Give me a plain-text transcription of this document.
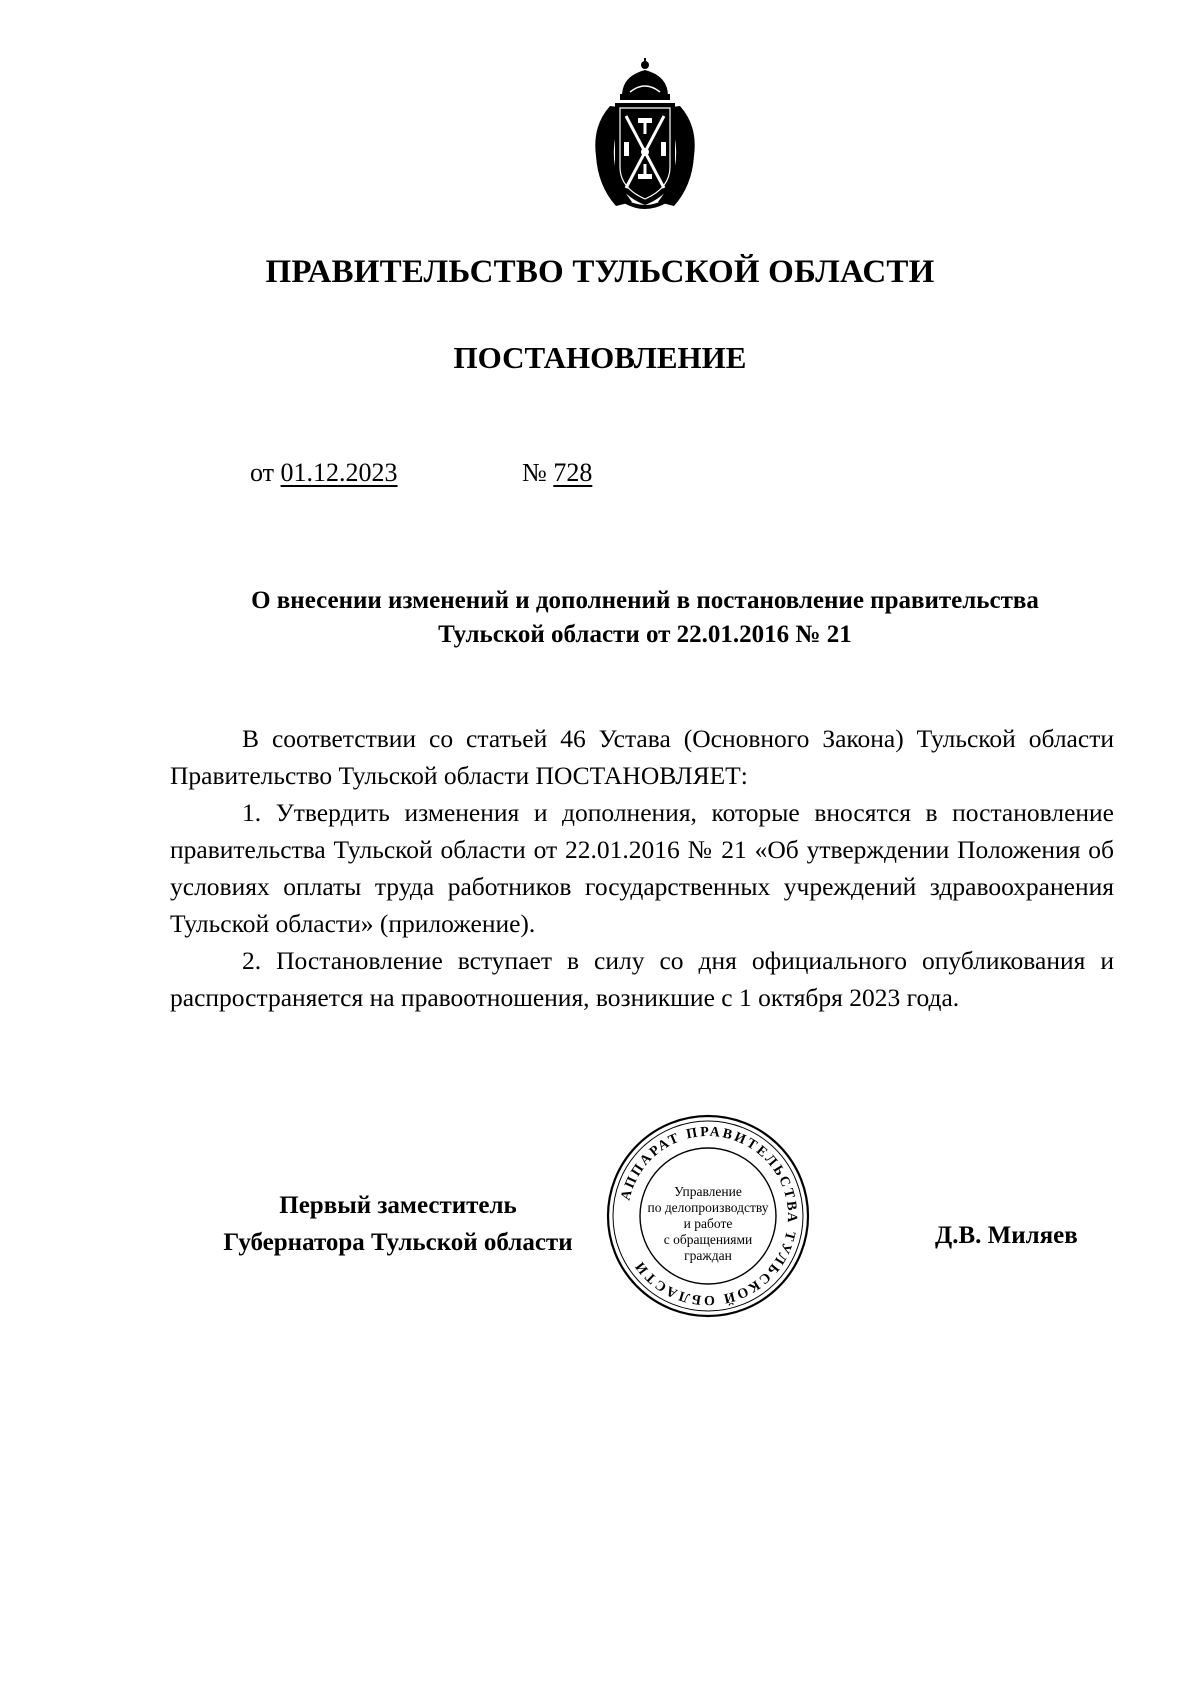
ПРАВИТЕЛЬСТВО ТУЛЬСКОЙ ОБЛАСТИ
ПОСТАНОВЛЕНИЕ
от 01.12.2023	№ 728
О внесении изменений и дополнений в постановление правительства
Тульской области от 22.01.2016 № 21

В соответствии со статьей 46 Устава (Основного Закона) Тульской области Правительство Тульской области ПОСТАНОВЛЯЕТ:

1. Утвердить изменения и дополнения, которые вносятся в постановление правительства Тульской области от 22.01.2016 № 21 «Об утверждении Положения об условиях оплаты труда работников государственных учреждений здравоохранения Тульской области» (приложение).

2. Постановление вступает в силу со дня официального опубликования и распространяется на правоотношения, возникшие с 1 октября 2023 года.

Первый заместитель
Губернатора Тульской области
АППАРАТ ПРАВИТЕЛЬСТВА ТУЛЬСКОЙ ОБЛАСТИ
Управление
по делопроизводству
и работе
с обращениями
граждан
Д.В. Миляев
